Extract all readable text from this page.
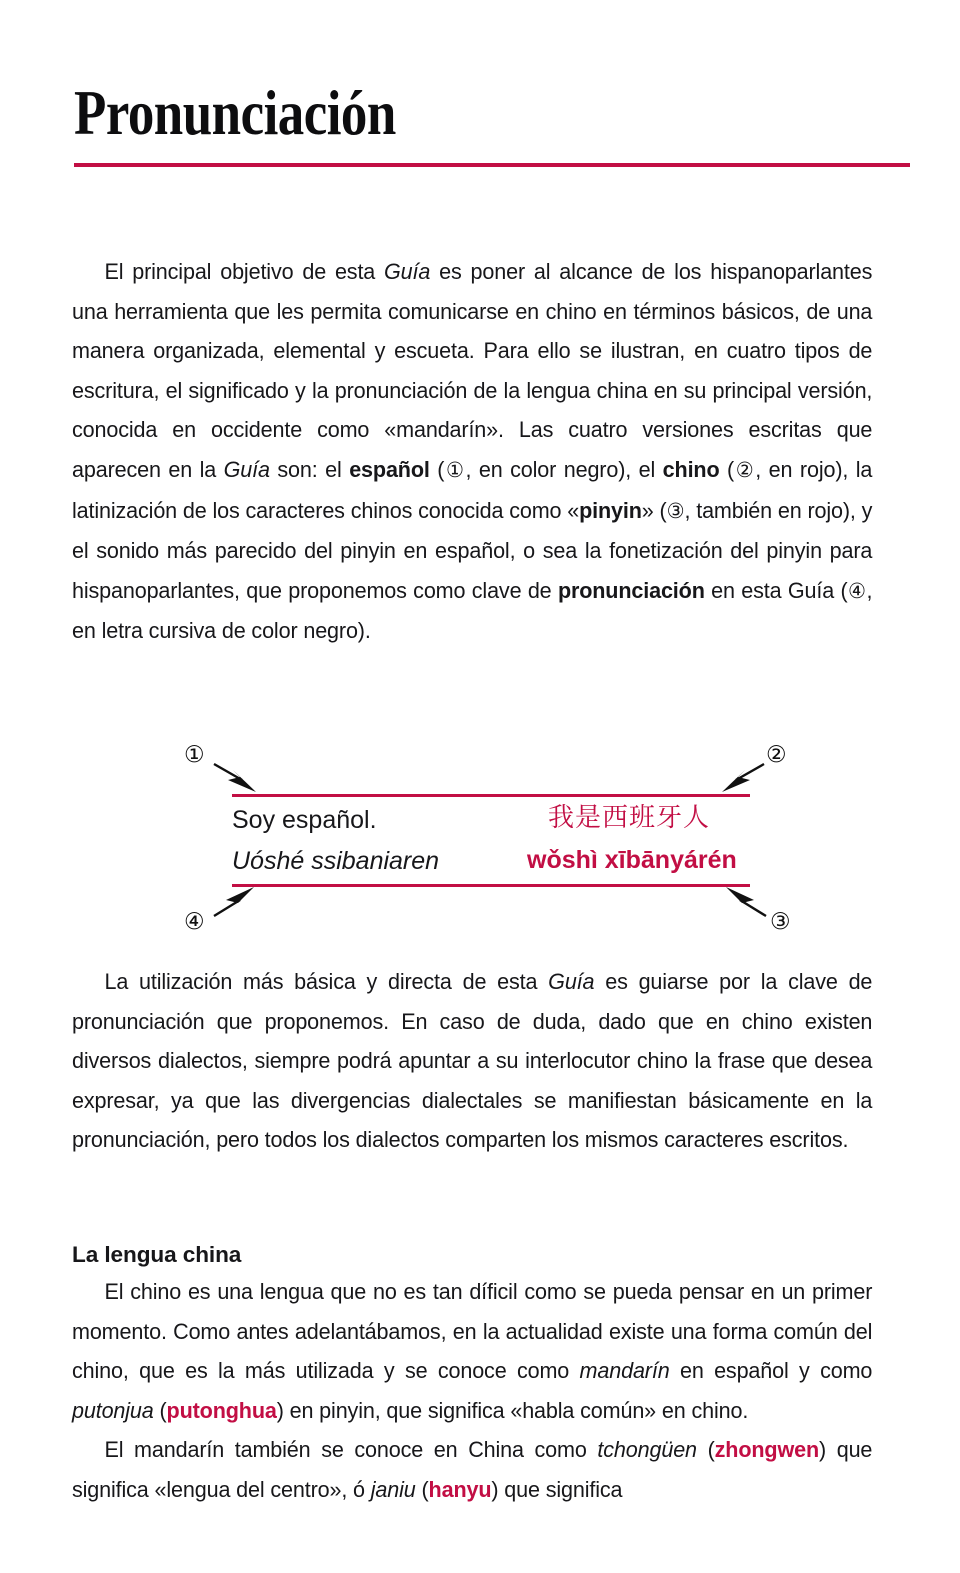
Pronunciación

El principal objetivo de esta Guía es poner al alcance de los hispanoparlantes una herramienta que les permita comunicarse en chino en términos básicos, de una manera organizada, elemental y escueta. Para ello se ilustran, en cuatro tipos de escritura, el significado y la pronunciación de la lengua china en su principal versión, conocida en occidente como «mandarín». Las cuatro versiones escritas que aparecen en la Guía son: el español (①, en color negro), el chino (②, en rojo), la latinización de los caracteres chinos conocida como «pinyin» (③, también en rojo), y el sonido más parecido del pinyin en español, o sea la fonetización del pinyin para hispanoparlantes, que proponemos como clave de pronunciación en esta Guía (④, en letra cursiva de color negro).

Soy español.
Uóshé ssibaniaren
我是西班牙人
wǒshì xībānyárén
①	②
③
④

La utilización más básica y directa de esta Guía es guiarse por la clave de pronunciación que proponemos. En caso de duda, dado que en chino existen diversos dialectos, siempre podrá apuntar a su interlocutor chino la frase que desea expresar, ya que las divergencias dialectales se manifiestan básicamente en la pronunciación, pero todos los dialectos comparten los mismos caracteres escritos.

La lengua china

El chino es una lengua que no es tan díficil como se pueda pensar en un primer momento. Como antes adelantábamos, en la actualidad existe una forma común del chino, que es la más utilizada y se conoce como mandarín en español y como putonjua (putonghua) en pinyin, que significa «habla común» en chino.

El mandarín también se conoce en China como tchongüen (zhongwen) que significa «lengua del centro», ó janiu (hanyu) que significa
